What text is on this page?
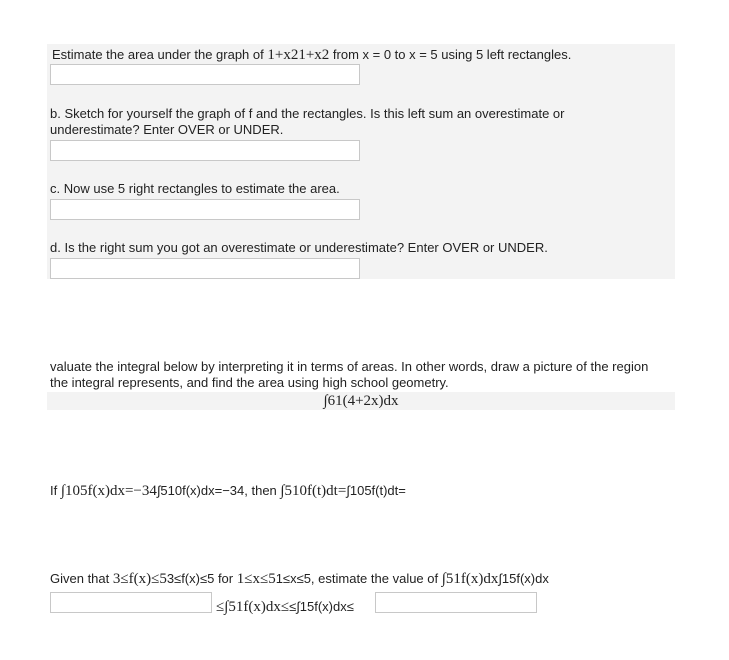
Estimate the area under the graph of 1+x21+x2 from x = 0 to x = 5 using 5 left rectangles.
b. Sketch for yourself the graph of f and the rectangles. Is this left sum an overestimate or underestimate? Enter OVER or UNDER.
c. Now use 5 right rectangles to estimate the area.
d. Is the right sum you got an overestimate or underestimate? Enter OVER or UNDER.
valuate the integral below by interpreting it in terms of areas. In other words, draw a picture of the region the integral represents, and find the area using high school geometry.
∫61(4+2x)dx
If ∫105f(x)dx=−34∫510f(x)dx=−34, then ∫510f(t)dt=∫105f(t)dt=
Given that 3≤f(x)≤53≤f(x)≤5 for 1≤x≤51≤x≤5, estimate the value of ∫51f(x)dx∫15f(x)dx
≤∫51f(x)dx≤≤∫15f(x)dx≤
